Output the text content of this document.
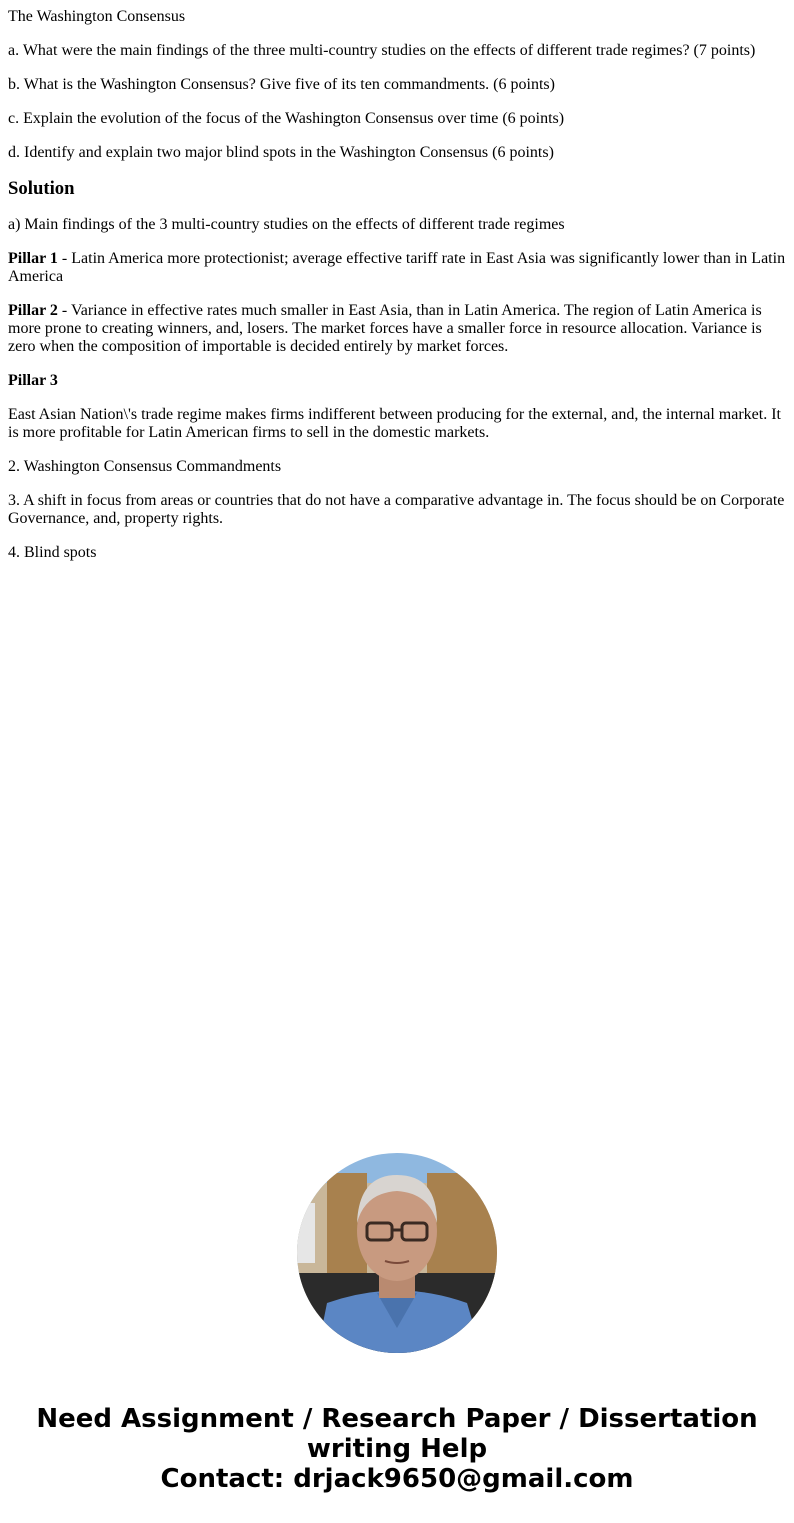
The Washington Consensus

a. What were the main findings of the three multi-country studies on the effects of different trade regimes? (7 points)

b. What is the Washington Consensus? Give five of its ten commandments. (6 points)

c. Explain the evolution of the focus of the Washington Consensus over time (6 points)

d. Identify and explain two major blind spots in the Washington Consensus (6 points)

Solution

a) Main findings of the 3 multi-country studies on the effects of different trade regimes

Pillar 1 - Latin America more protectionist; average effective tariff rate in East Asia was significantly lower than in Latin America

Pillar 2 - Variance in effective rates much smaller in East Asia, than in Latin America. The region of Latin America is more prone to creating winners, and, losers. The market forces have a smaller force in resource allocation. Variance is zero when the composition of importable is decided entirely by market forces.

Pillar 3

East Asian Nation\'s trade regime makes firms indifferent between producing for the external, and, the internal market. It is more profitable for Latin American firms to sell in the domestic markets.

2. Washington Consensus Commandments

3. A shift in focus from areas or countries that do not have a comparative advantage in. The focus should be on Corporate Governance, and, property rights.

4. Blind spots

Need Assignment / Research Paper / Dissertation
writing Help
Contact: drjack9650@gmail.com
